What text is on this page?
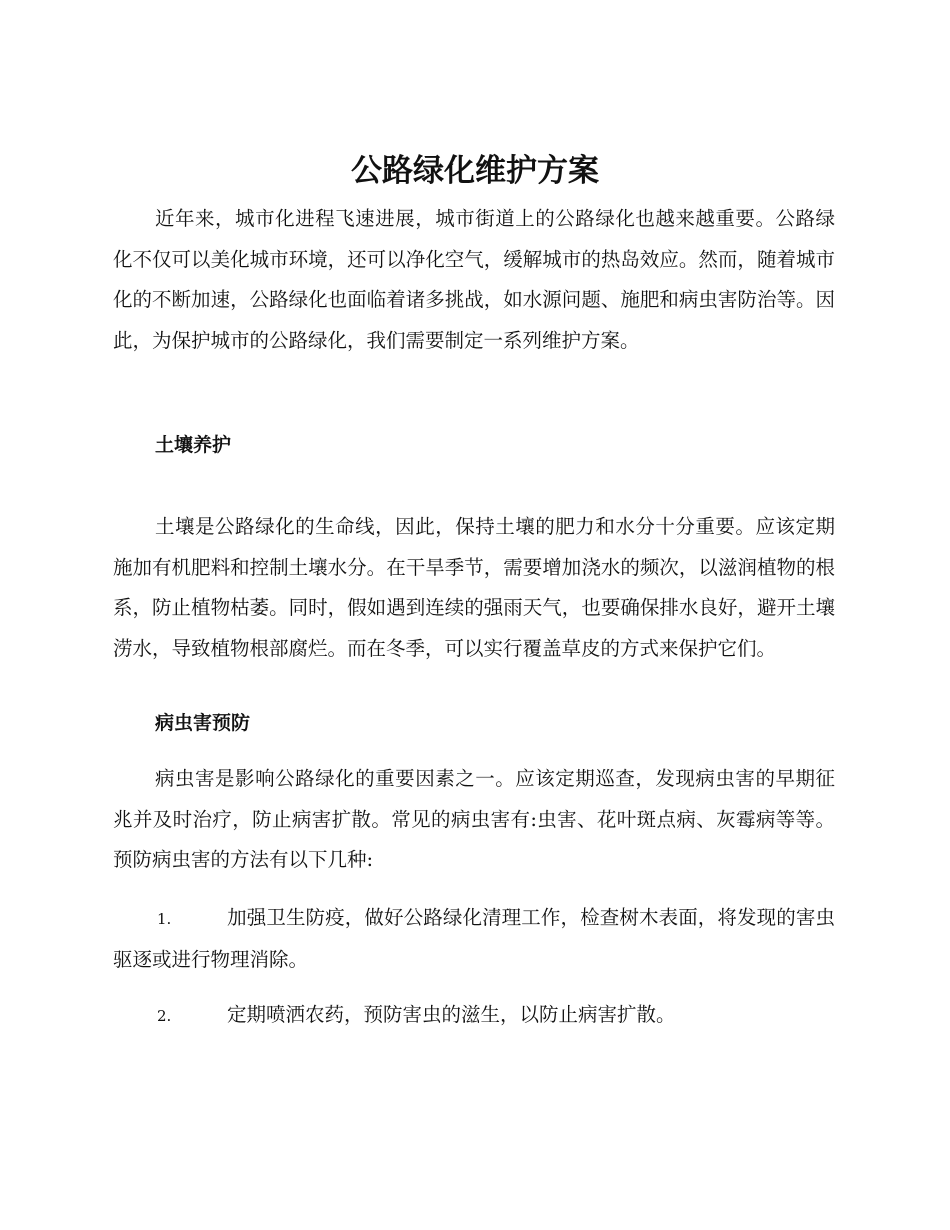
公路绿化维护方案

近年来，城市化进程飞速进展，城市街道上的公路绿化也越来越重要。公路绿化不仅可以美化城市环境，还可以净化空气，缓解城市的热岛效应。然而，随着城市化的不断加速，公路绿化也面临着诸多挑战，如水源问题、施肥和病虫害防治等。因此，为保护城市的公路绿化，我们需要制定一系列维护方案。

土壤养护

土壤是公路绿化的生命线，因此，保持土壤的肥力和水分十分重要。应该定期施加有机肥料和控制土壤水分。在干旱季节，需要增加浇水的频次，以滋润植物的根系，防止植物枯萎。同时，假如遇到连续的强雨天气，也要确保排水良好，避开土壤涝水，导致植物根部腐烂。而在冬季，可以实行覆盖草皮的方式来保护它们。

病虫害预防

病虫害是影响公路绿化的重要因素之一。应该定期巡查，发现病虫害的早期征兆并及时治疗，防止病害扩散。常见的病虫害有:虫害、花叶斑点病、灰霉病等等。预防病虫害的方法有以下几种:

1.	加强卫生防疫，做好公路绿化清理工作，检查树木表面，将发现的害虫驱逐或进行物理消除。

2.	定期喷洒农药，预防害虫的滋生，以防止病害扩散。
